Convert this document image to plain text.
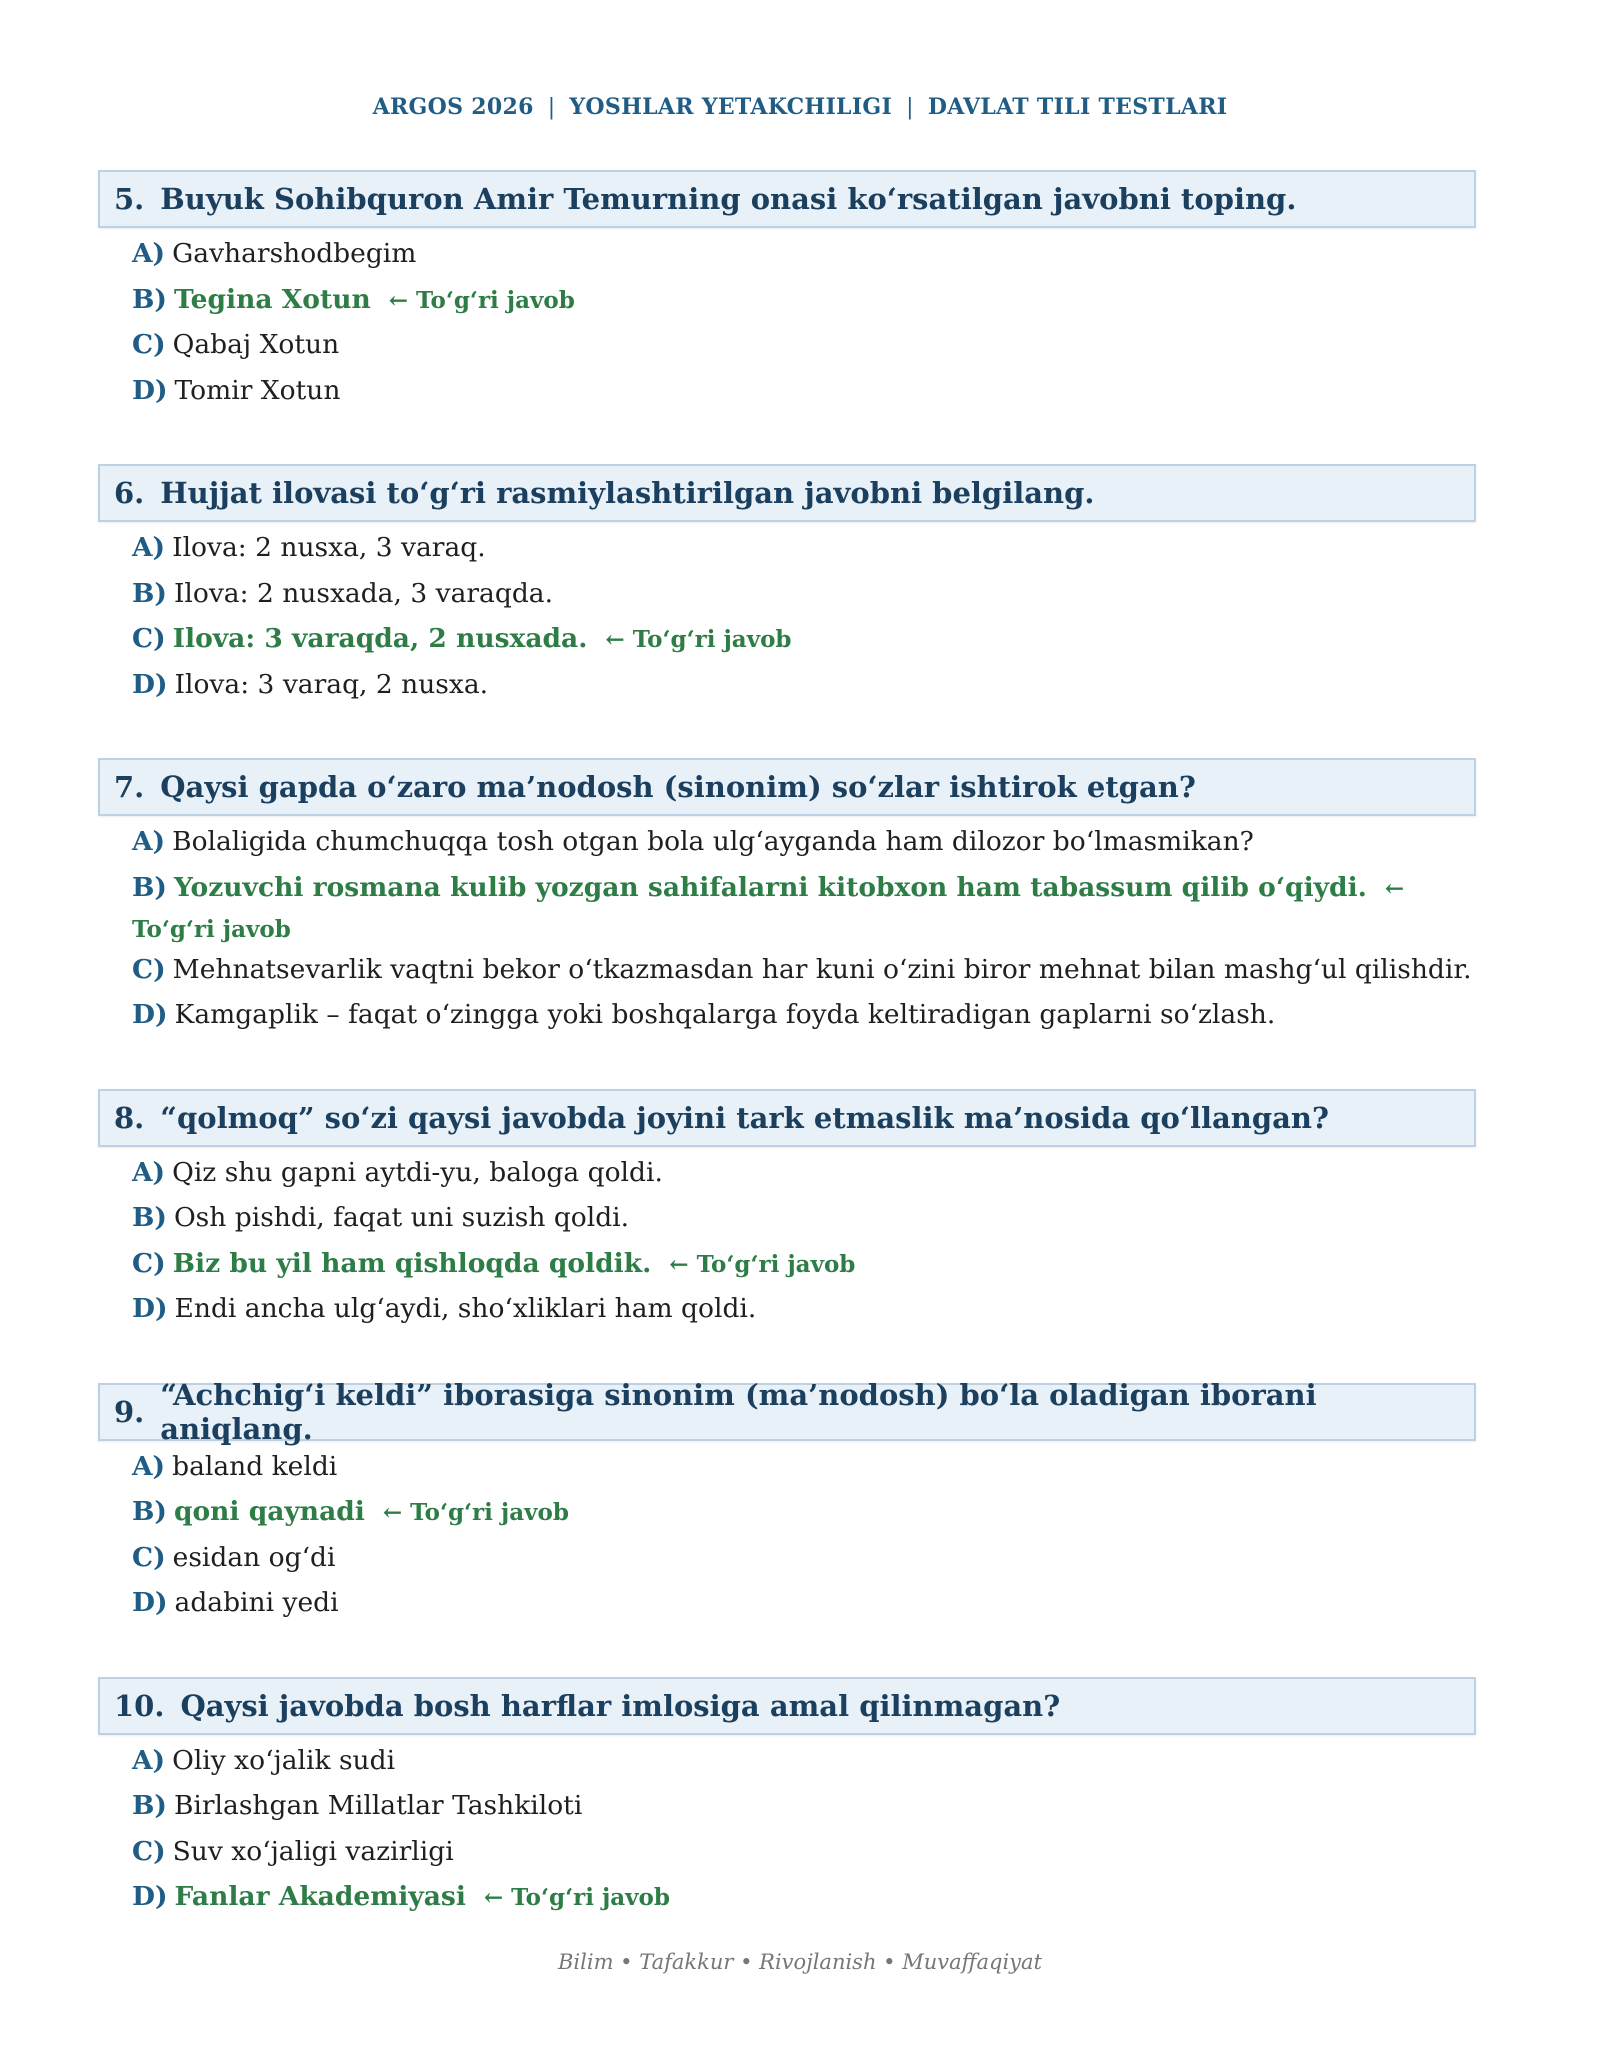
ARGOS 2026 | YOSHLAR YETAKCHILIGI | DAVLAT TILI TESTLARI
5. Buyuk Sohibquron Amir Temurning onasi ko‘rsatilgan javobni toping.
A) Gavharshodbegim
B) Tegina Xotun ← To‘g‘ri javob
C) Qabaj Xotun
D) Tomir Xotun
6. Hujjat ilovasi to‘g‘ri rasmiylashtirilgan javobni belgilang.
A) Ilova: 2 nusxa, 3 varaq.
B) Ilova: 2 nusxada, 3 varaqda.
C) Ilova: 3 varaqda, 2 nusxada. ← To‘g‘ri javob
D) Ilova: 3 varaq, 2 nusxa.
7. Qaysi gapda o‘zaro ma’nodosh (sinonim) so‘zlar ishtirok etgan?
A) Bolaligida chumchuqqa tosh otgan bola ulg‘ayganda ham dilozor bo‘lmasmikan?
B) Yozuvchi rosmana kulib yozgan sahifalarni kitobxon ham tabassum qilib o‘qiydi. ← To‘g‘ri javob
C) Mehnatsevarlik vaqtni bekor o‘tkazmasdan har kuni o‘zini biror mehnat bilan mashg‘ul qilishdir.
D) Kamgaplik – faqat o‘zingga yoki boshqalarga foyda keltiradigan gaplarni so‘zlash.
8. “qolmoq” so‘zi qaysi javobda joyini tark etmaslik ma’nosida qo‘llangan?
A) Qiz shu gapni aytdi-yu, baloga qoldi.
B) Osh pishdi, faqat uni suzish qoldi.
C) Biz bu yil ham qishloqda qoldik. ← To‘g‘ri javob
D) Endi ancha ulg‘aydi, sho‘xliklari ham qoldi.
9. “Achchig‘i keldi” iborasiga sinonim (ma’nodosh) bo‘la oladigan iborani aniqlang.
A) baland keldi
B) qoni qaynadi ← To‘g‘ri javob
C) esidan og‘di
D) adabini yedi
10. Qaysi javobda bosh harflar imlosiga amal qilinmagan?
A) Oliy xo‘jalik sudi
B) Birlashgan Millatlar Tashkiloti
C) Suv xo‘jaligi vazirligi
D) Fanlar Akademiyasi ← To‘g‘ri javob
Bilim • Tafakkur • Rivojlanish • Muvaffaqiyat
